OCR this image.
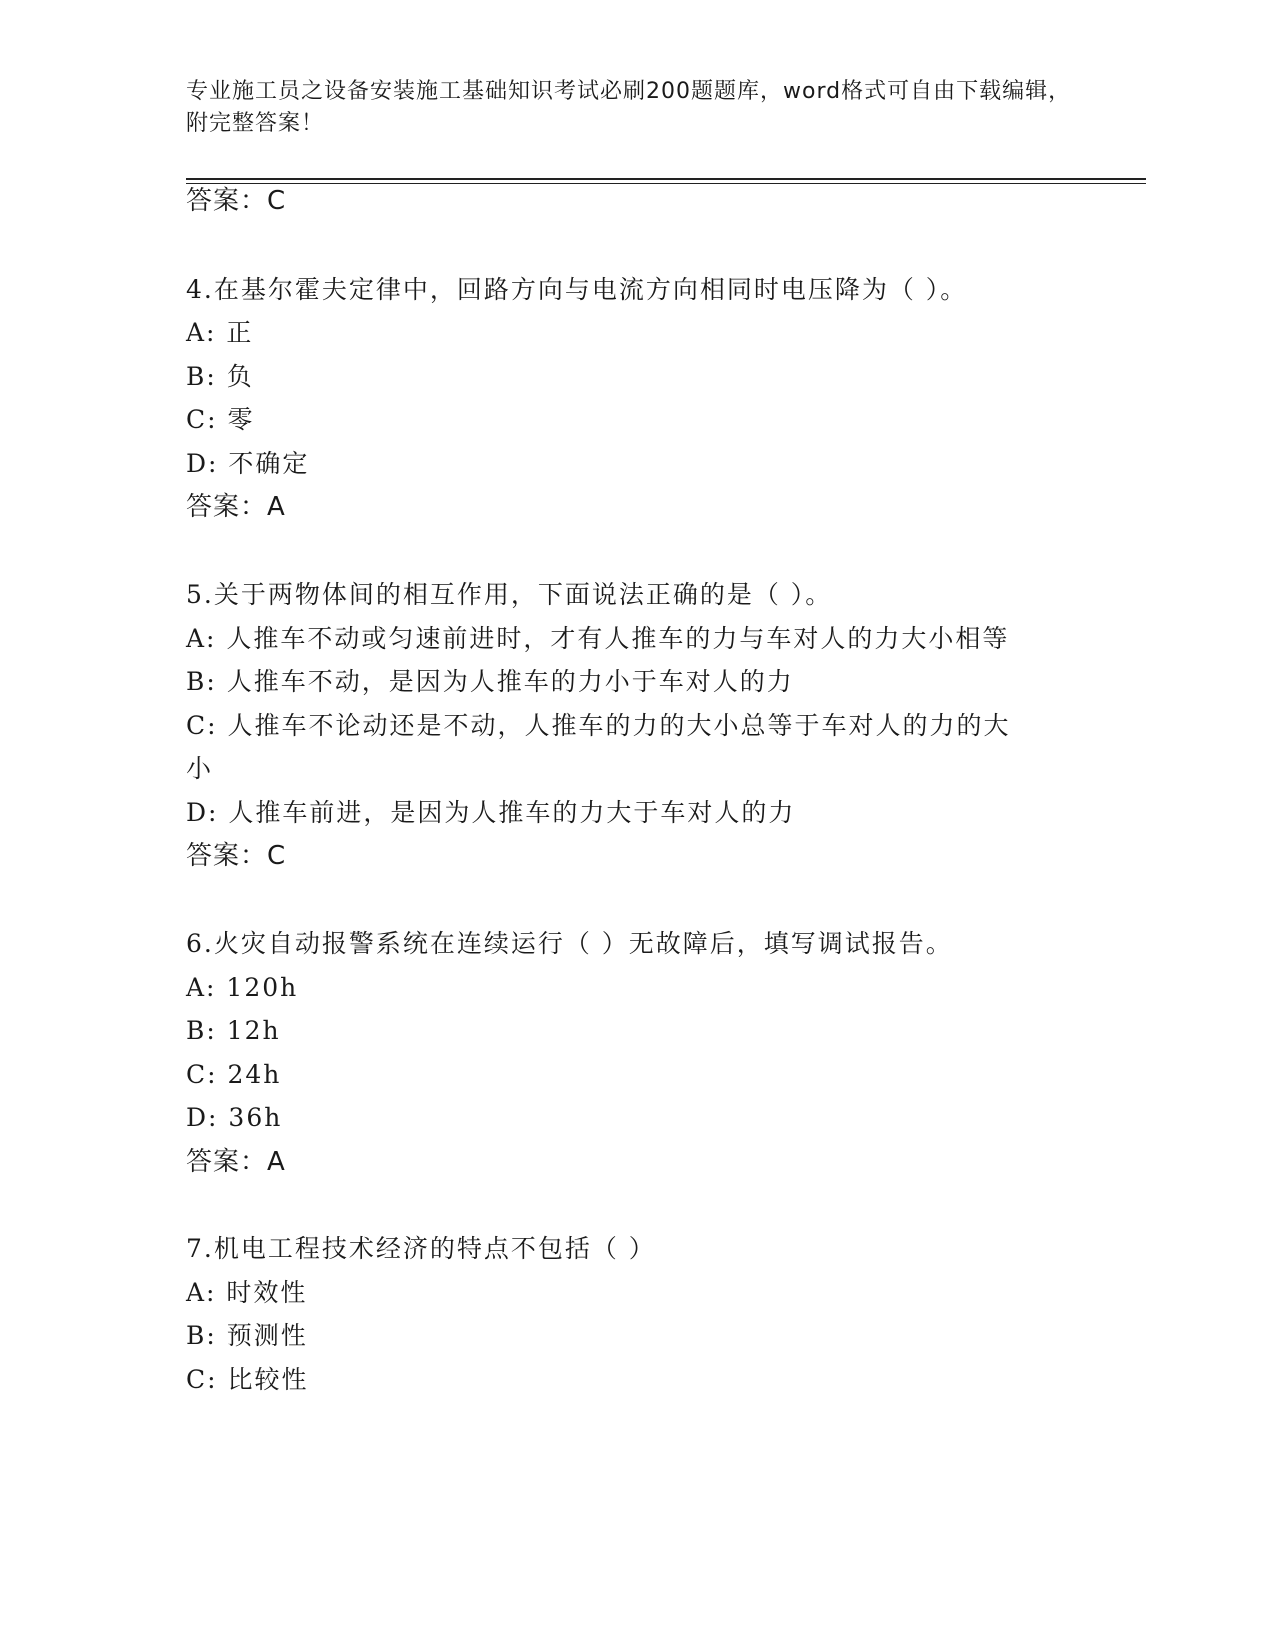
专业施工员之设备安装施工基础知识考试必刷200题题库，word格式可自由下载编辑，附完整答案！
答案：C
4.在基尔霍夫定律中，回路方向与电流方向相同时电压降为（ ）。
A: 正
B: 负
C: 零
D: 不确定
答案：A
5.关于两物体间的相互作用，下面说法正确的是（ ）。
A: 人推车不动或匀速前进时，才有人推车的力与车对人的力大小相等
B: 人推车不动，是因为人推车的力小于车对人的力
C: 人推车不论动还是不动，人推车的力的大小总等于车对人的力的大
小
D: 人推车前进，是因为人推车的力大于车对人的力
答案：C
6.火灾自动报警系统在连续运行（ ）无故障后，填写调试报告。
A: 120h
B: 12h
C: 24h
D: 36h
答案：A
7.机电工程技术经济的特点不包括（ ）
A: 时效性
B: 预测性
C: 比较性
